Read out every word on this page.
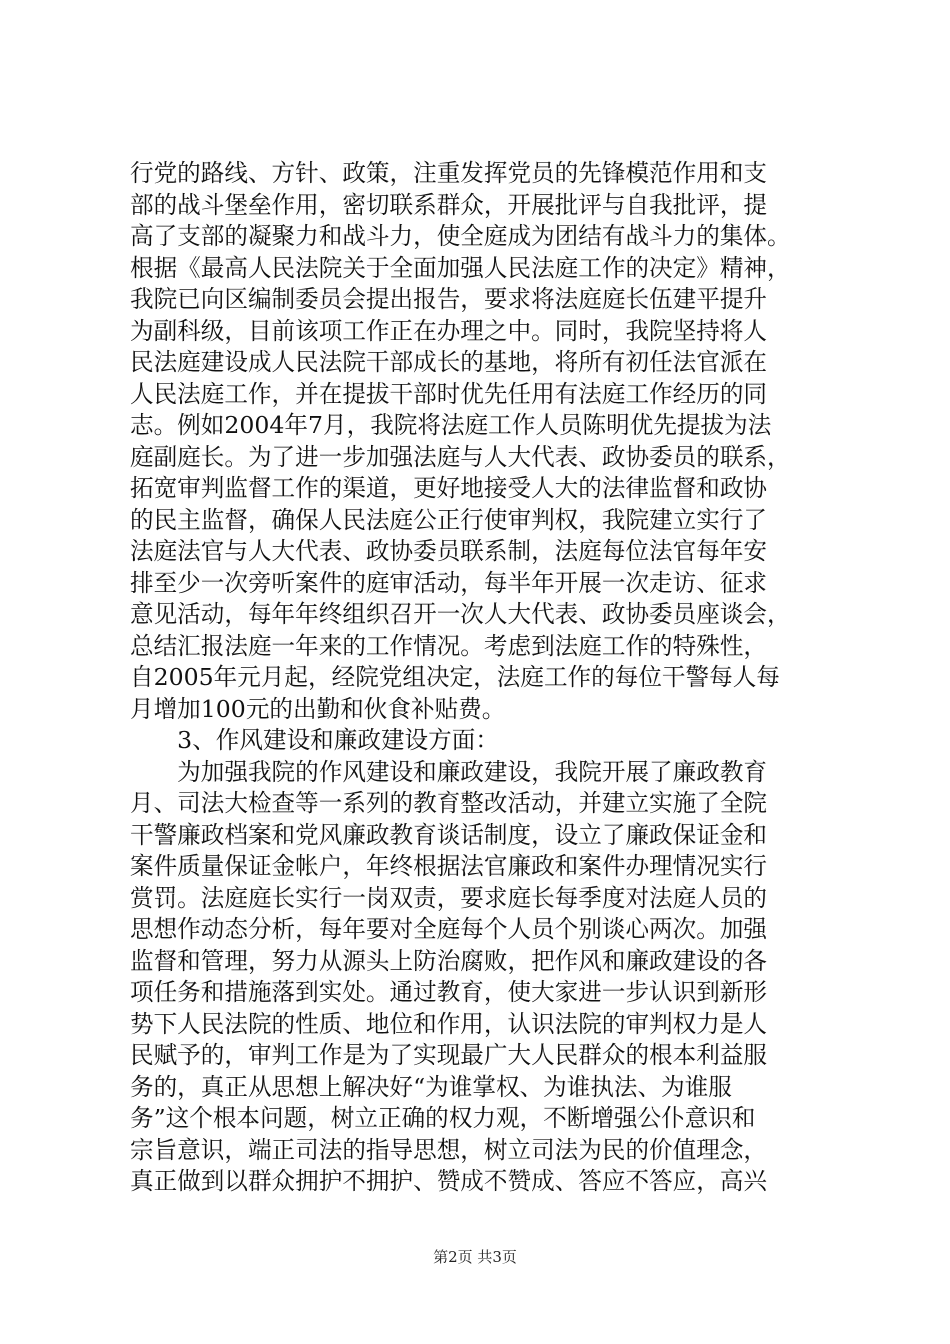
行党的路线、方针、政策，注重发挥党员的先锋模范作用和支
部的战斗堡垒作用，密切联系群众，开展批评与自我批评，提
高了支部的凝聚力和战斗力，使全庭成为团结有战斗力的集体。
根据《最高人民法院关于全面加强人民法庭工作的决定》精神，
我院已向区编制委员会提出报告，要求将法庭庭长伍建平提升
为副科级，目前该项工作正在办理之中。同时，我院坚持将人
民法庭建设成人民法院干部成长的基地，将所有初任法官派在
人民法庭工作，并在提拔干部时优先任用有法庭工作经历的同
志。例如2004年7月，我院将法庭工作人员陈明优先提拔为法
庭副庭长。为了进一步加强法庭与人大代表、政协委员的联系，
拓宽审判监督工作的渠道，更好地接受人大的法律监督和政协
的民主监督，确保人民法庭公正行使审判权，我院建立实行了
法庭法官与人大代表、政协委员联系制，法庭每位法官每年安
排至少一次旁听案件的庭审活动，每半年开展一次走访、征求
意见活动，每年年终组织召开一次人大代表、政协委员座谈会，
总结汇报法庭一年来的工作情况。考虑到法庭工作的特殊性，
自2005年元月起，经院党组决定，法庭工作的每位干警每人每
月增加100元的出勤和伙食补贴费。
　　3、作风建设和廉政建设方面：
　　为加强我院的作风建设和廉政建设，我院开展了廉政教育
月、司法大检查等一系列的教育整改活动，并建立实施了全院
干警廉政档案和党风廉政教育谈话制度，设立了廉政保证金和
案件质量保证金帐户，年终根据法官廉政和案件办理情况实行
赏罚。法庭庭长实行一岗双责，要求庭长每季度对法庭人员的
思想作动态分析，每年要对全庭每个人员个别谈心两次。加强
监督和管理，努力从源头上防治腐败，把作风和廉政建设的各
项任务和措施落到实处。通过教育，使大家进一步认识到新形
势下人民法院的性质、地位和作用，认识法院的审判权力是人
民赋予的，审判工作是为了实现最广大人民群众的根本利益服
务的，真正从思想上解决好“为谁掌权、为谁执法、为谁服
务”这个根本问题，树立正确的权力观，不断增强公仆意识和
宗旨意识，端正司法的指导思想，树立司法为民的价值理念，
真正做到以群众拥护不拥护、赞成不赞成、答应不答应，高兴
第2页 共3页
